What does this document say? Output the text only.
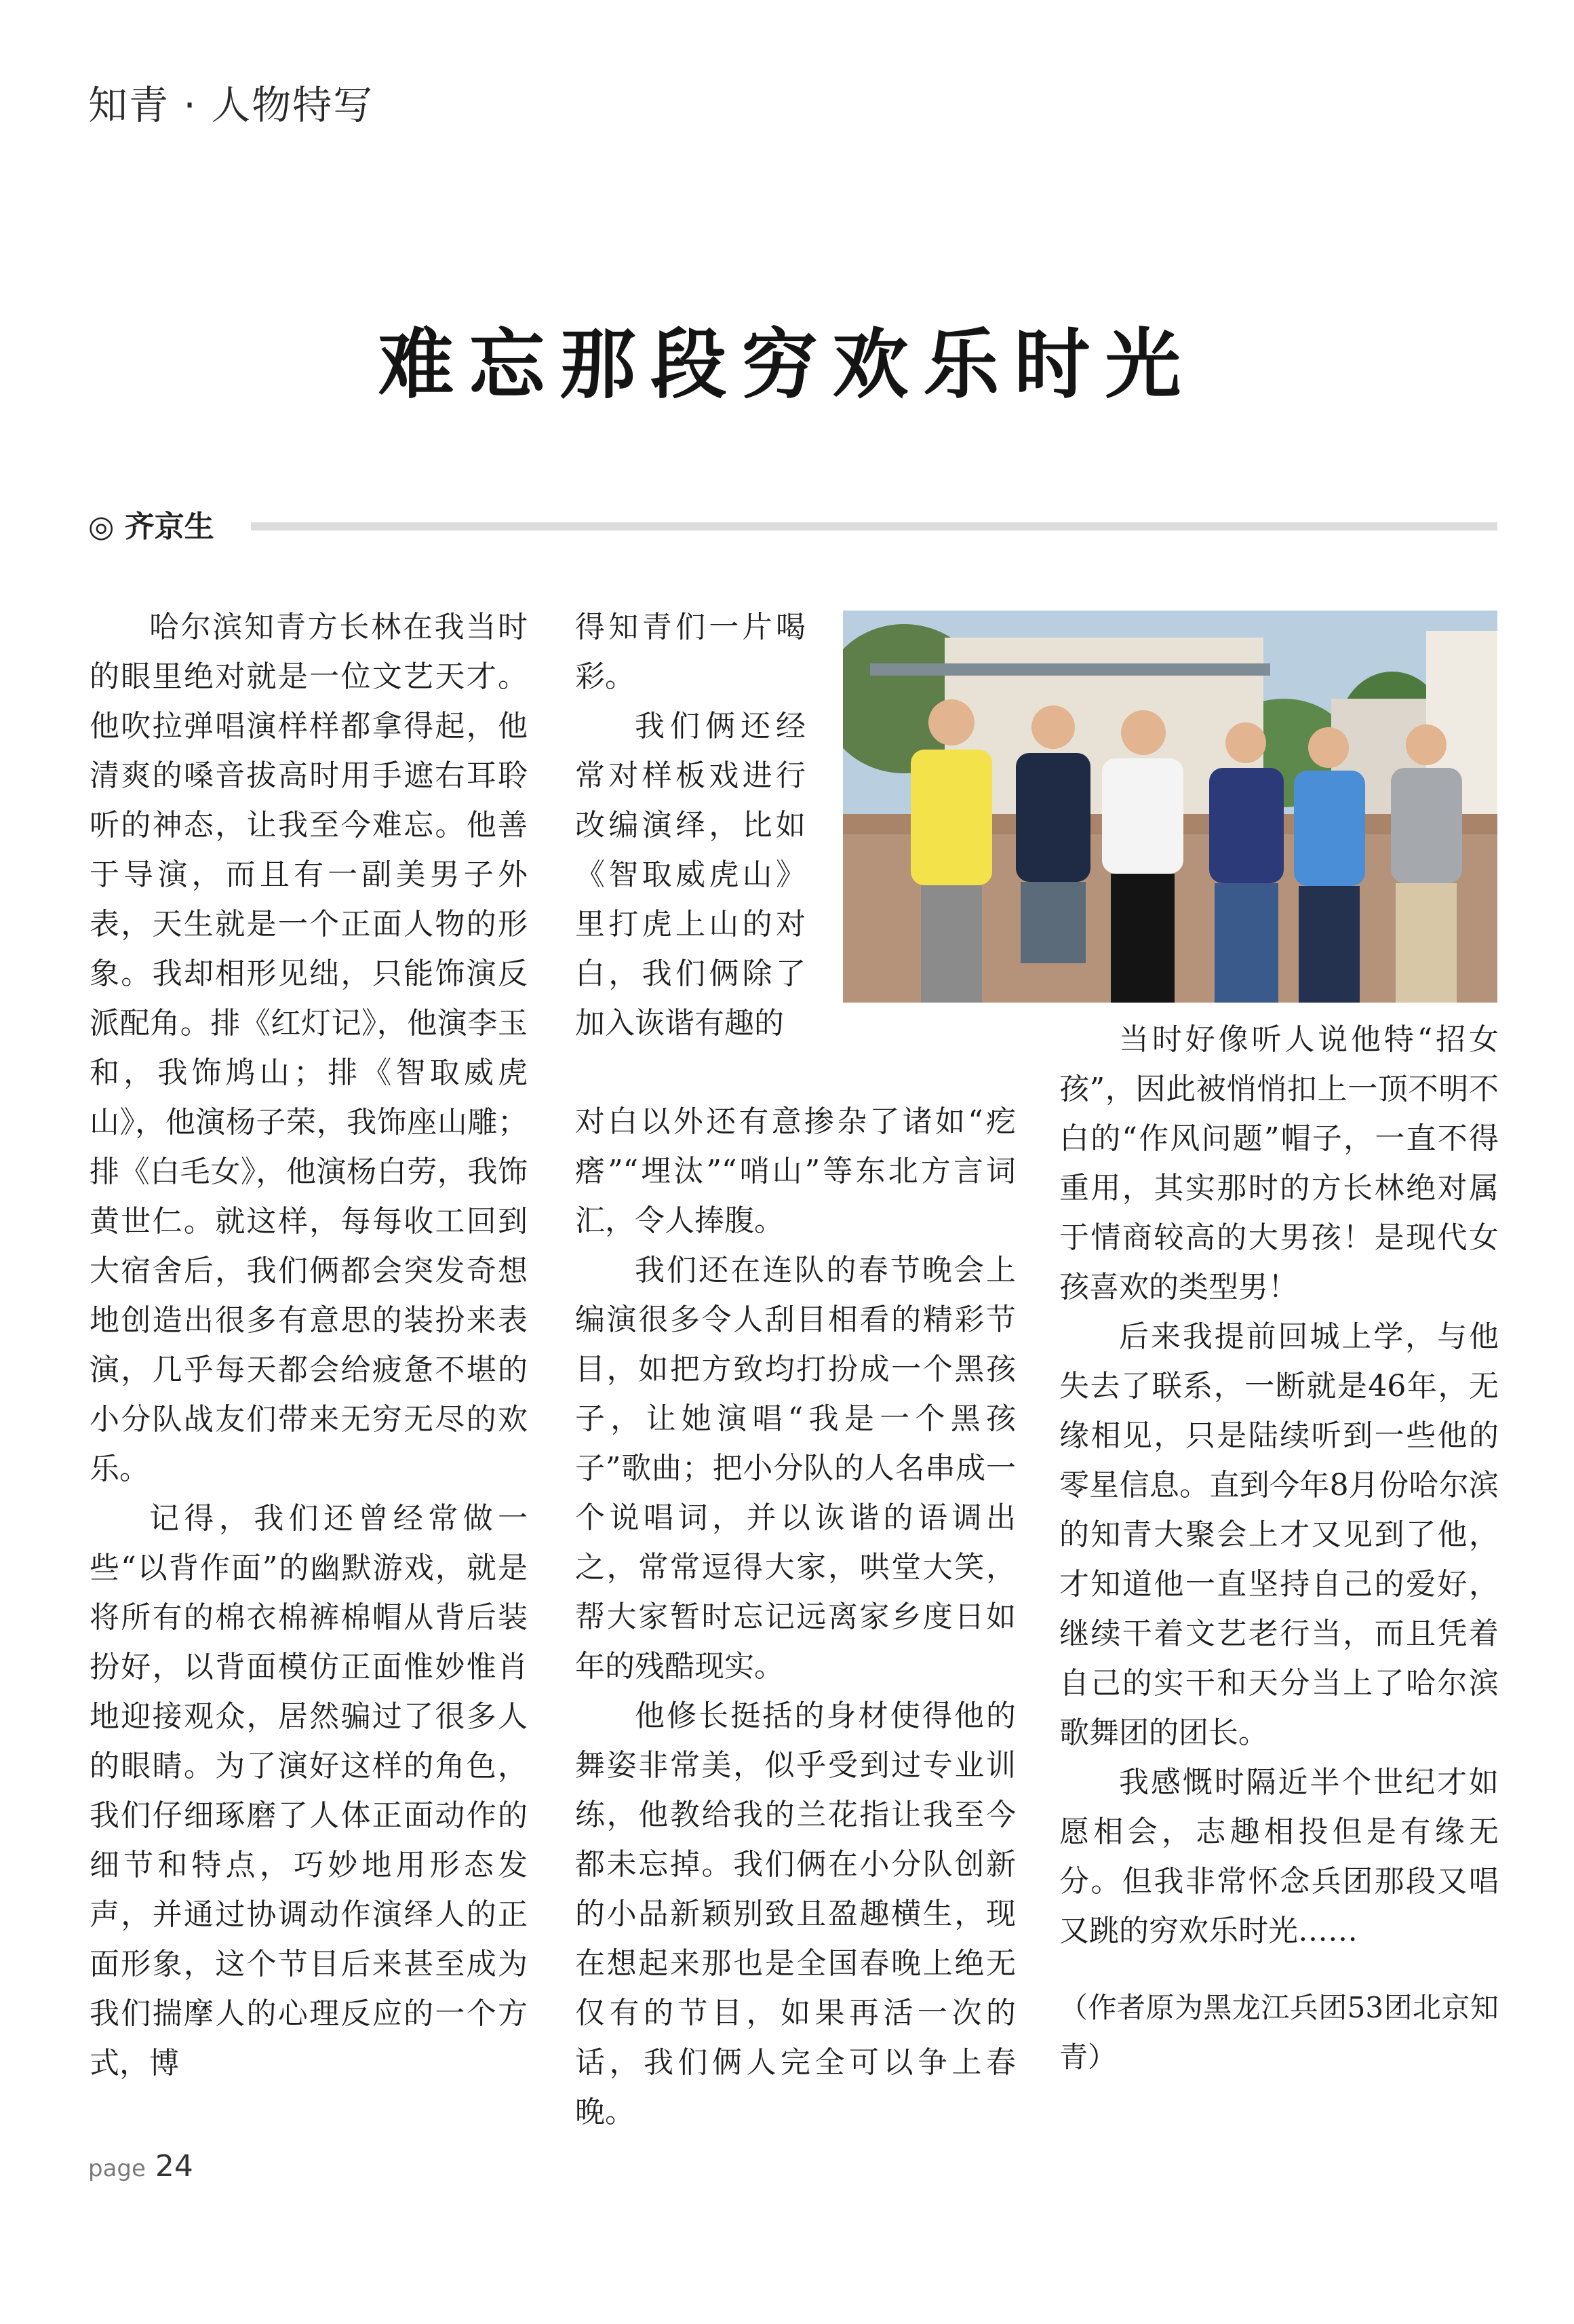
知青 · 人物特写
难忘那段穷欢乐时光
◎ 齐京生

哈尔滨知青方长林在我当时的眼里绝对就是一位文艺天才。他吹拉弹唱演样样都拿得起，他清爽的嗓音拔高时用手遮右耳聆听的神态，让我至今难忘。他善于导演，而且有一副美男子外表，天生就是一个正面人物的形象。我却相形见绌，只能饰演反派配角。排《红灯记》，他演李玉和，我饰鸠山；排《智取威虎山》，他演杨子荣，我饰座山雕；排《白毛女》，他演杨白劳，我饰黄世仁。就这样，每每收工回到大宿舍后，我们俩都会突发奇想地创造出很多有意思的装扮来表演，几乎每天都会给疲惫不堪的小分队战友们带来无穷无尽的欢乐。

记得，我们还曾经常做一些“以背作面”的幽默游戏，就是将所有的棉衣棉裤棉帽从背后装扮好，以背面模仿正面惟妙惟肖地迎接观众，居然骗过了很多人的眼睛。为了演好这样的角色，我们仔细琢磨了人体正面动作的细节和特点，巧妙地用形态发声，并通过协调动作演绎人的正面形象，这个节目后来甚至成为我们揣摩人的心理反应的一个方式，博

得知青们一片喝彩。

我们俩还经常对样板戏进行改编演绎，比如《智取威虎山》里打虎上山的对白，我们俩除了加入诙谐有趣的

对白以外还有意掺杂了诸如“疙瘩”“埋汰”“哨山”等东北方言词汇，令人捧腹。

我们还在连队的春节晚会上编演很多令人刮目相看的精彩节目，如把方致均打扮成一个黑孩子，让她演唱“我是一个黑孩子”歌曲；把小分队的人名串成一个说唱词，并以诙谐的语调出之，常常逗得大家，哄堂大笑，帮大家暂时忘记远离家乡度日如年的残酷现实。

他修长挺括的身材使得他的舞姿非常美，似乎受到过专业训练，他教给我的兰花指让我至今都未忘掉。我们俩在小分队创新的小品新颖别致且盈趣横生，现在想起来那也是全国春晚上绝无仅有的节目，如果再活一次的话，我们俩人完全可以争上春晚。

当时好像听人说他特“招女孩”，因此被悄悄扣上一顶不明不白的“作风问题”帽子，一直不得重用，其实那时的方长林绝对属于情商较高的大男孩！是现代女孩喜欢的类型男！

后来我提前回城上学，与他失去了联系，一断就是46年，无缘相见，只是陆续听到一些他的零星信息。直到今年8月份哈尔滨的知青大聚会上才又见到了他，才知道他一直坚持自己的爱好，继续干着文艺老行当，而且凭着自己的实干和天分当上了哈尔滨歌舞团的团长。

我感慨时隔近半个世纪才如愿相会，志趣相投但是有缘无分。但我非常怀念兵团那段又唱又跳的穷欢乐时光……

（作者原为黑龙江兵团53团北京知青）

page 24
